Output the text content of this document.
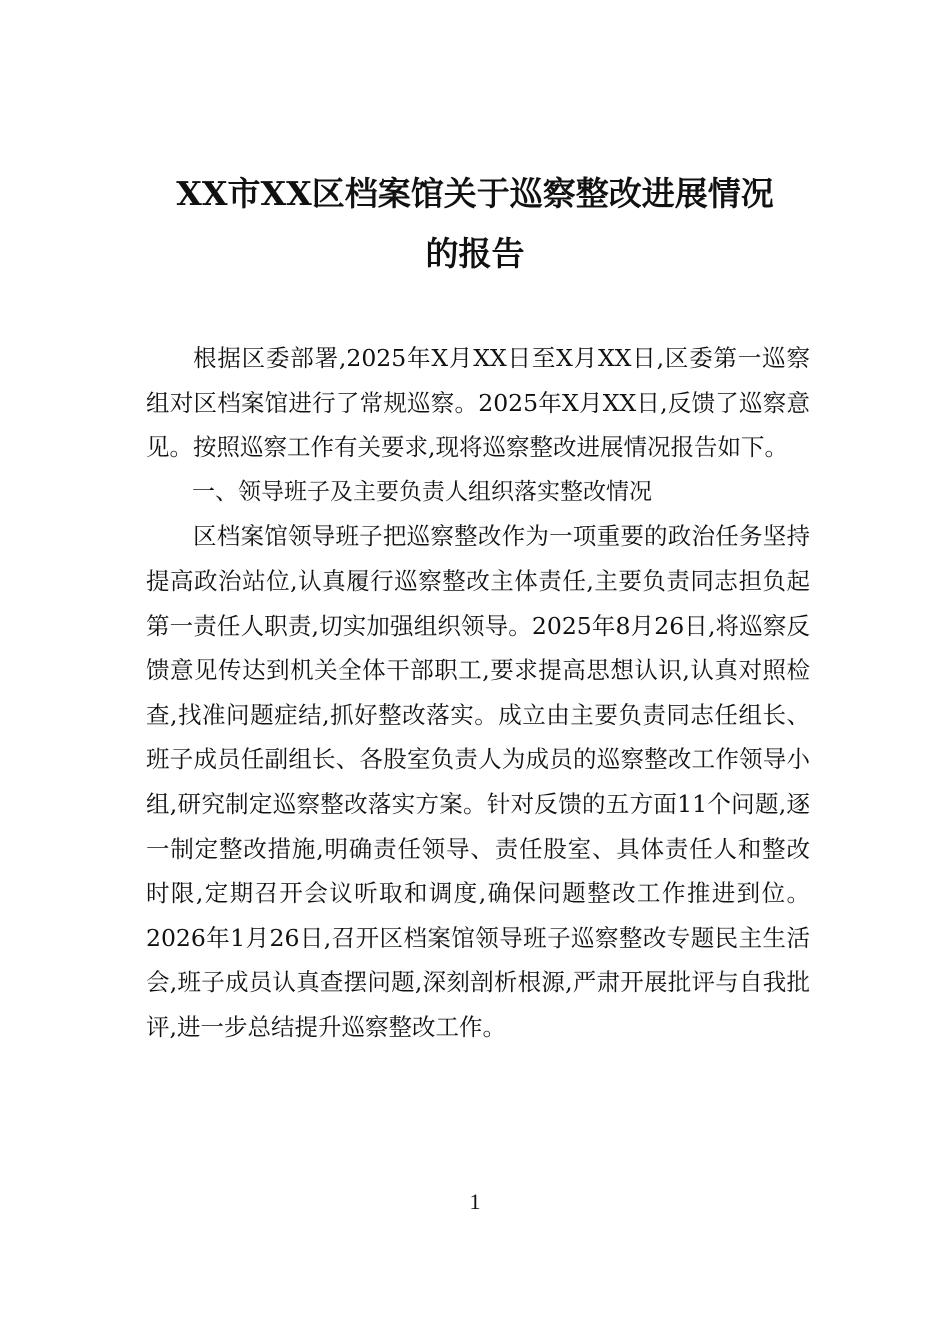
XX市XX区档案馆关于巡察整改进展情况
的报告

根据区委部署,2025年X月XX日至X月XX日,区委第一巡察组对区档案馆进行了常规巡察。2025年X月XX日,反馈了巡察意见。按照巡察工作有关要求,现将巡察整改进展情况报告如下。

一、领导班子及主要负责人组织落实整改情况

区档案馆领导班子把巡察整改作为一项重要的政治任务坚持提高政治站位,认真履行巡察整改主体责任,主要负责同志担负起第一责任人职责,切实加强组织领导。2025年8月26日,将巡察反馈意见传达到机关全体干部职工,要求提高思想认识,认真对照检查,找准问题症结,抓好整改落实。成立由主要负责同志任组长、班子成员任副组长、各股室负责人为成员的巡察整改工作领导小组,研究制定巡察整改落实方案。针对反馈的五方面11个问题,逐一制定整改措施,明确责任领导、责任股室、具体责任人和整改时限,定期召开会议听取和调度,确保问题整改工作推进到位。2026年1月26日,召开区档案馆领导班子巡察整改专题民主生活会,班子成员认真查摆问题,深刻剖析根源,严肃开展批评与自我批评,进一步总结提升巡察整改工作。

1
